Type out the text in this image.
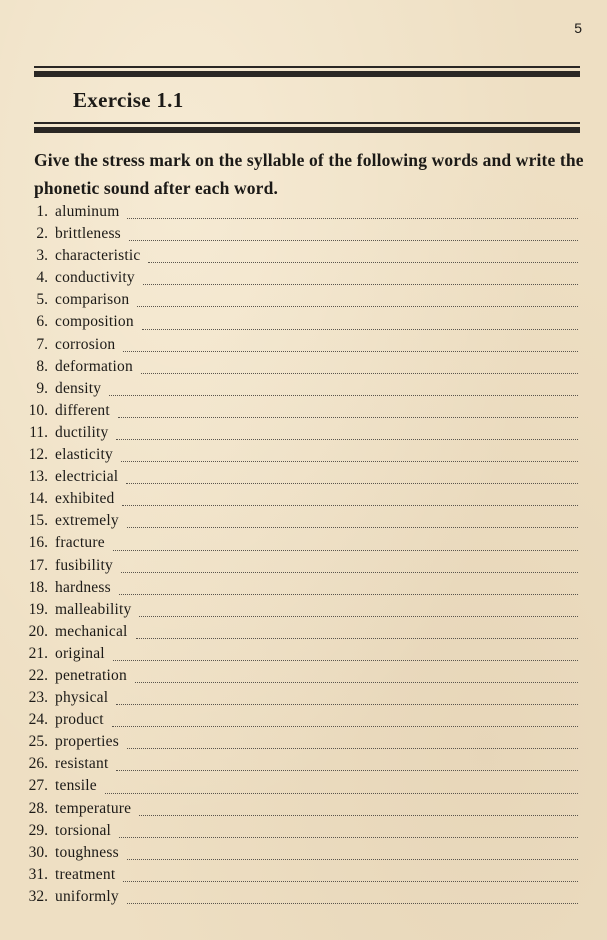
5
Exercise 1.1
Give the stress mark on the syllable of the following words and write the phonetic sound after each word.
1. aluminum
2. brittleness
3. characteristic
4. conductivity
5. comparison
6. composition
7. corrosion
8. deformation
9. density
10. different
11. ductility
12. elasticity
13. electricial
14. exhibited
15. extremely
16. fracture
17. fusibility
18. hardness
19. malleability
20. mechanical
21. original
22. penetration
23. physical
24. product
25. properties
26. resistant
27. tensile
28. temperature
29. torsional
30. toughness
31. treatment
32. uniformly
